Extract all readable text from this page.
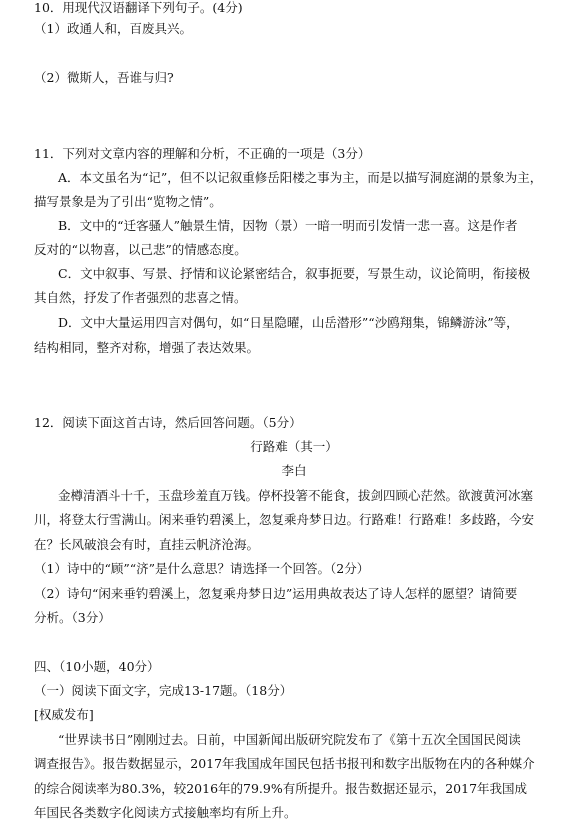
10．用现代汉语翻译下列句子。(4分)
（1）政通人和，百废具兴。
（2）微斯人，吾谁与归?
11．下列对文章内容的理解和分析，不正确的一项是（3分）
A．本文虽名为“记”，但不以记叙重修岳阳楼之事为主，而是以描写洞庭湖的景象为主，
描写景象是为了引出“览物之情”。
B．文中的“迁客骚人”触景生情，因物（景）一暗一明而引发情一悲一喜。这是作者
反对的“以物喜，以己悲”的情感态度。
C．文中叙事、写景、抒情和议论紧密结合，叙事扼要，写景生动，议论简明，衔接极
其自然，抒发了作者强烈的悲喜之情。
D．文中大量运用四言对偶句，如“日星隐曜，山岳潜形”“沙鸥翔集，锦鳞游泳”等，
结构相同，整齐对称，增强了表达效果。
12．阅读下面这首古诗，然后回答问题。（5分）
行路难（其一）
李白
金樽清酒斗十千，玉盘珍羞直万钱。停杯投箸不能食，拔剑四顾心茫然。欲渡黄河冰塞
川，将登太行雪满山。闲来垂钓碧溪上，忽复乘舟梦日边。行路难！行路难！多歧路，今安
在？长风破浪会有时，直挂云帆济沧海。
（1）诗中的“顾”“济”是什么意思？请选择一个回答。（2分）
（2）诗句“闲来垂钓碧溪上，忽复乘舟梦日边”运用典故表达了诗人怎样的愿望？请简要
分析。（3分）
四、（10小题，40分）
（一）阅读下面文字，完成13-17题。（18分）
[权威发布]
“世界读书日”刚刚过去。日前，中国新闻出版研究院发布了《第十五次全国国民阅读
调查报告》。报告数据显示，2017年我国成年国民包括书报刊和数字出版物在内的各种媒介
的综合阅读率为80.3%，较2016年的79.9%有所提升。报告数据还显示，2017年我国成
年国民各类数字化阅读方式接触率均有所上升。
